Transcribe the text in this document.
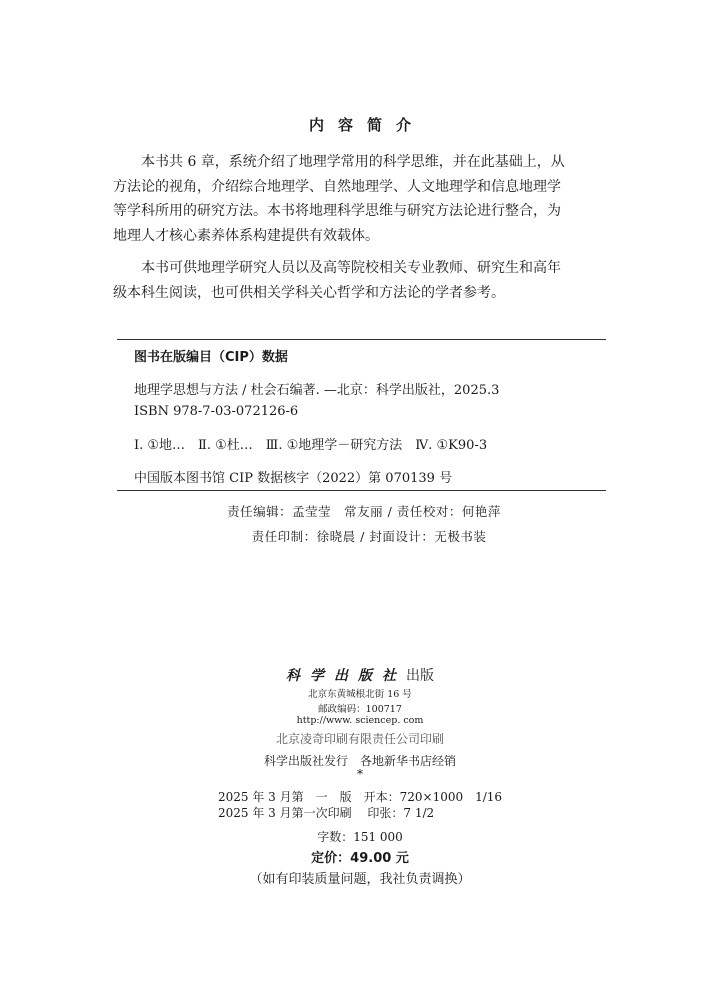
内容简介
　　本书共 6 章，系统介绍了地理学常用的科学思维，并在此基础上，从
方法论的视角，介绍综合地理学、自然地理学、人文地理学和信息地理学
等学科所用的研究方法。本书将地理科学思维与研究方法论进行整合，为
地理人才核心素养体系构建提供有效载体。
　　本书可供地理学研究人员以及高等院校相关专业教师、研究生和高年
级本科生阅读，也可供相关学科关心哲学和方法论的学者参考。
图书在版编目（CIP）数据
地理学思想与方法 / 杜会石编著. —北京：科学出版社，2025.3
ISBN 978-7-03-072126-6
Ⅰ. ①地…　Ⅱ. ①杜…　Ⅲ. ①地理学－研究方法　Ⅳ. ①K90-3
中国版本图书馆 CIP 数据核字（2022）第 070139 号
责任编辑：孟莹莹　常友丽 / 责任校对：何艳萍
责任印制：徐晓晨 / 封面设计：无极书装
科学出版社出版
北京东黄城根北街 16 号
邮政编码：100717
http://www. sciencep. com
北京凌奇印刷有限责任公司印刷
科学出版社发行　各地新华书店经销
*
2025 年 3 月第　一　版　开本：720×1000　1/16
2025 年 3 月第一次印刷　 印张：7 1/2
字数：151 000
定价：49.00 元
（如有印装质量问题，我社负责调换）
